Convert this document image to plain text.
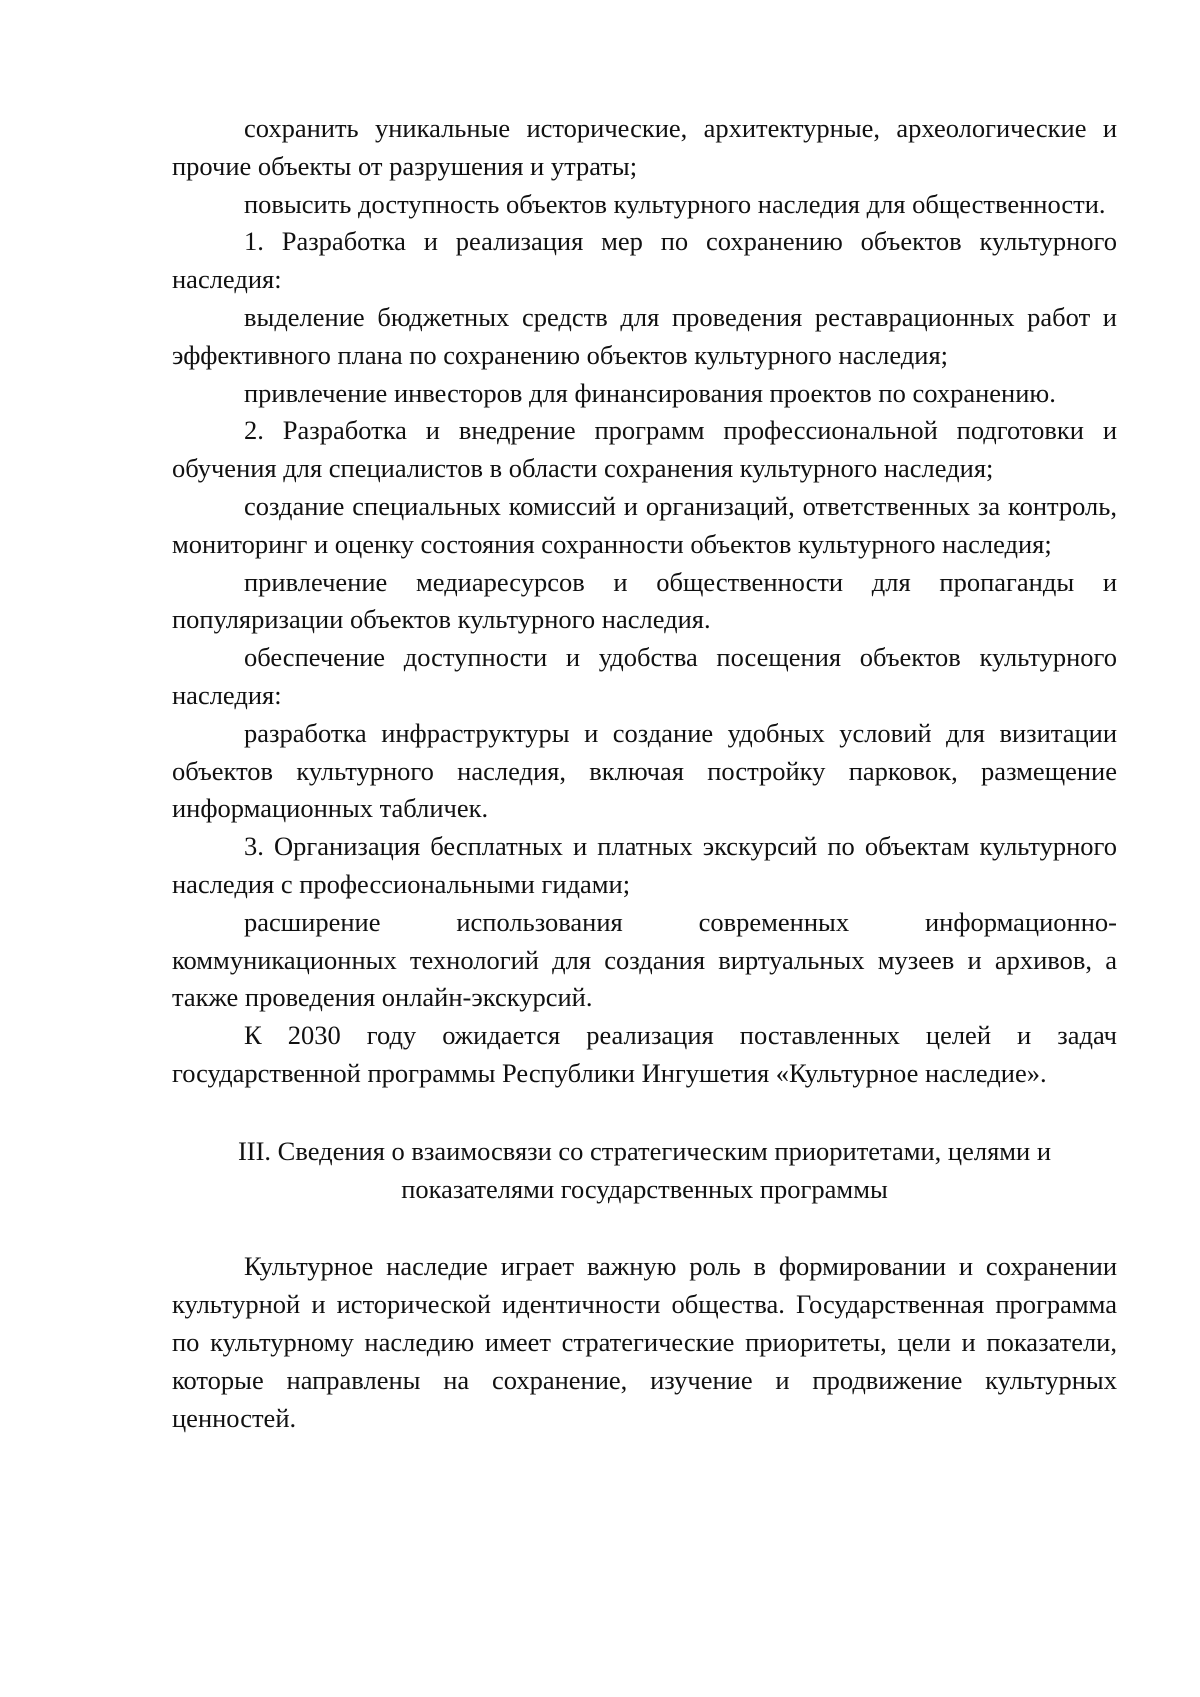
сохранить уникальные исторические, архитектурные, археологические и прочие объекты от разрушения и утраты;

повысить доступность объектов культурного наследия для общественности.

1. Разработка и реализация мер по сохранению объектов культурного наследия:

выделение бюджетных средств для проведения реставрационных работ и эффективного плана по сохранению объектов культурного наследия;

привлечение инвесторов для финансирования проектов по сохранению.

2. Разработка и внедрение программ профессиональной подготовки и обучения для специалистов в области сохранения культурного наследия;

создание специальных комиссий и организаций, ответственных за контроль, мониторинг и оценку состояния сохранности объектов культурного наследия;

привлечение медиаресурсов и общественности для пропаганды и популяризации объектов культурного наследия.

обеспечение доступности и удобства посещения объектов культурного наследия:

разработка инфраструктуры и создание удобных условий для визитации объектов культурного наследия, включая постройку парковок, размещение информационных табличек.

3. Организация бесплатных и платных экскурсий по объектам культурного наследия с профессиональными гидами;

расширение использования современных информационно-коммуникационных технологий для создания виртуальных музеев и архивов, а также проведения онлайн-экскурсий.

К 2030 году ожидается реализация поставленных целей и задач государственной программы Республики Ингушетия «Культурное наследие».

III. Сведения о взаимосвязи со стратегическим приоритетами, целями и
показателями государственных программы

Культурное наследие играет важную роль в формировании и сохранении культурной и исторической идентичности общества. Государственная программа по культурному наследию имеет стратегические приоритеты, цели и показатели, которые направлены на сохранение, изучение и продвижение культурных ценностей.
